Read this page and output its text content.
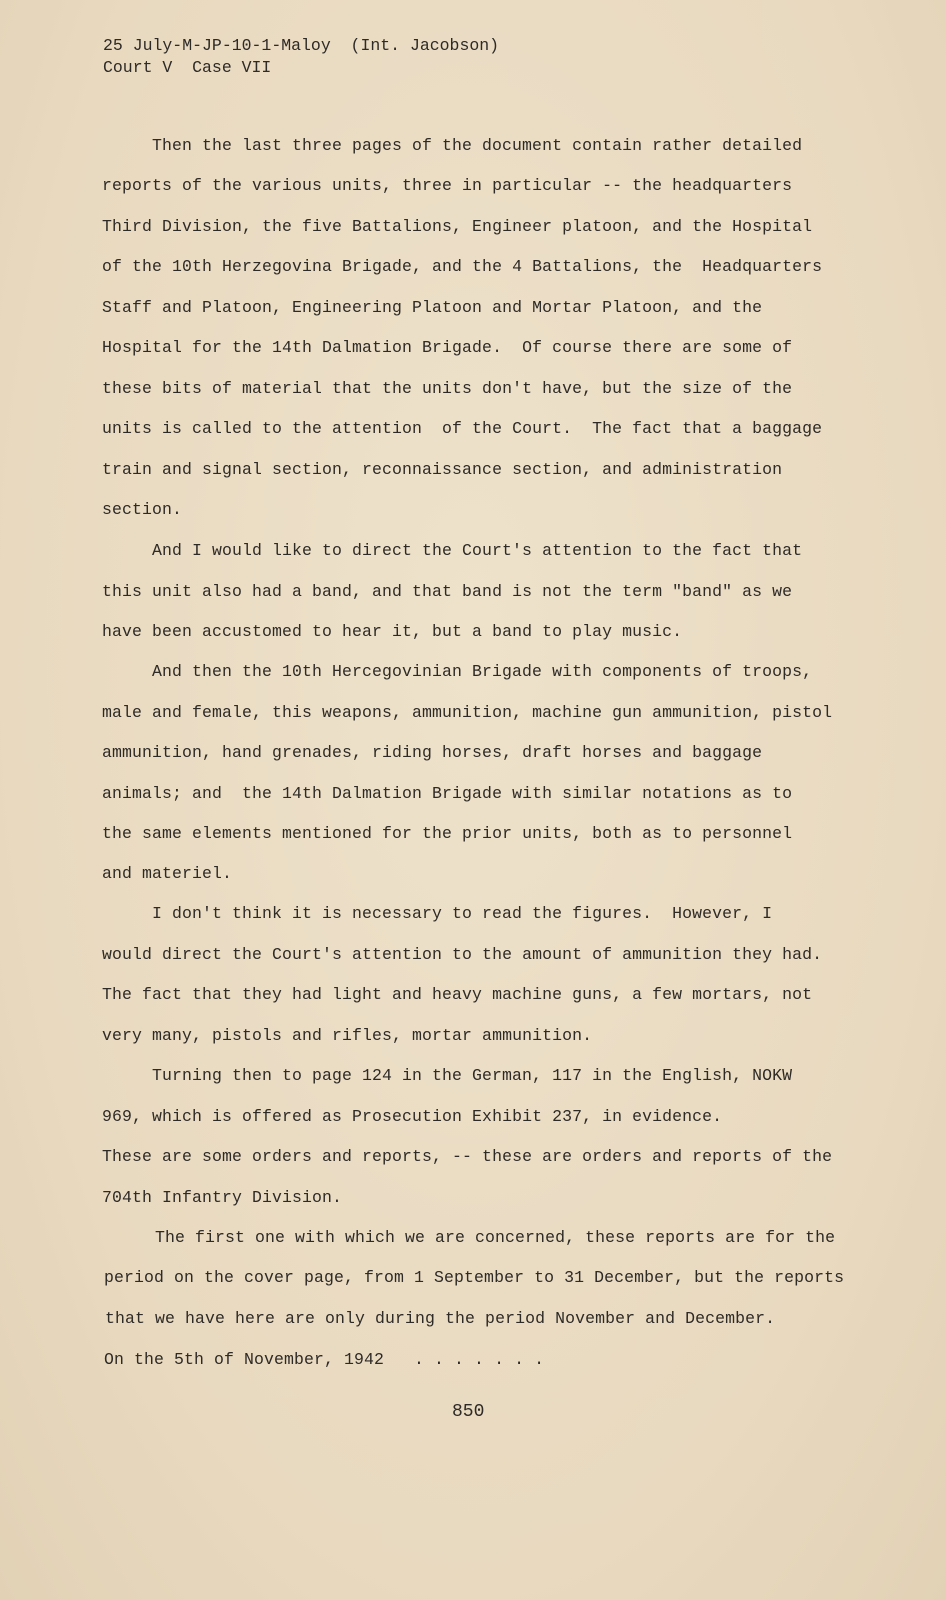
25 July-M-JP-10-1-Maloy  (Int. Jacobson)
Court V  Case VII
Then the last three pages of the document contain rather detailed
reports of the various units, three in particular -- the headquarters
Third Division, the five Battalions, Engineer platoon, and the Hospital
of the 10th Herzegovina Brigade, and the 4 Battalions, the  Headquarters
Staff and Platoon, Engineering Platoon and Mortar Platoon, and the
Hospital for the 14th Dalmation Brigade.  Of course there are some of
these bits of material that the units don't have, but the size of the
units is called to the attention  of the Court.  The fact that a baggage
train and signal section, reconnaissance section, and administration
section.
And I would like to direct the Court's attention to the fact that
this unit also had a band, and that band is not the term "band" as we
have been accustomed to hear it, but a band to play music.
And then the 10th Hercegovinian Brigade with components of troops,
male and female, this weapons, ammunition, machine gun ammunition, pistol
ammunition, hand grenades, riding horses, draft horses and baggage
animals; and  the 14th Dalmation Brigade with similar notations as to
the same elements mentioned for the prior units, both as to personnel
and materiel.
I don't think it is necessary to read the figures.  However, I
would direct the Court's attention to the amount of ammunition they had.
The fact that they had light and heavy machine guns, a few mortars, not
very many, pistols and rifles, mortar ammunition.
Turning then to page 124 in the German, 117 in the English, NOKW
969, which is offered as Prosecution Exhibit 237, in evidence.
These are some orders and reports, -- these are orders and reports of the
704th Infantry Division.
The first one with which we are concerned, these reports are for the
period on the cover page, from 1 September to 31 December, but the reports
that we have here are only during the period November and December.
On the 5th of November, 1942   . . . . . . .
850
